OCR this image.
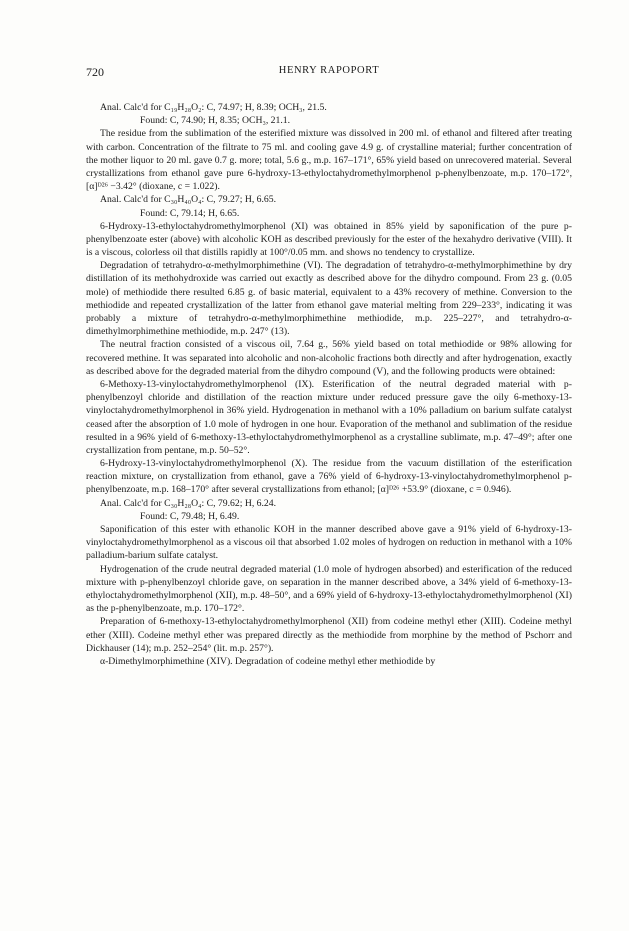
720	HENRY RAPOPORT

Anal. Calc'd for C₁₉H₂₈O₂: C, 74.97; H, 8.39; OCH₃, 21.5.

Found: C, 74.90; H, 8.35; OCH₃, 21.1.

The residue from the sublimation of the esterified mixture was dissolved in 200 ml. of ethanol and filtered after treating with carbon. Concentration of the filtrate to 75 ml. and cooling gave 4.9 g. of crystalline material; further concentration of the mother liquor to 20 ml. gave 0.7 g. more; total, 5.6 g., m.p. 167–171°, 65% yield based on unrecovered material. Several crystallizations from ethanol gave pure 6-hydroxy-13-ethyloctahydromethylmorphenol p-phenylbenzoate, m.p. 170–172°, [α]ᴰ²⁶ −3.42° (dioxane, c = 1.022).

Anal. Calc'd for C₃₀H₄₀O₄: C, 79.27; H, 6.65.

Found: C, 79.14; H, 6.65.

6-Hydroxy-13-ethyloctahydromethylmorphenol (XI) was obtained in 85% yield by saponification of the pure p-phenylbenzoate ester (above) with alcoholic KOH as described previously for the ester of the hexahydro derivative (VIII). It is a viscous, colorless oil that distills rapidly at 100°/0.05 mm. and shows no tendency to crystallize.

Degradation of tetrahydro-α-methylmorphimethine (VI). The degradation of tetrahydro-α-methylmorphimethine by dry distillation of its methohydroxide was carried out exactly as described above for the dihydro compound. From 23 g. (0.05 mole) of methiodide there resulted 6.85 g. of basic material, equivalent to a 43% recovery of methine. Conversion to the methiodide and repeated crystallization of the latter from ethanol gave material melting from 229–233°, indicating it was probably a mixture of tetrahydro-α-methylmorphimethine methiodide, m.p. 225–227°, and tetrahydro-α-dimethylmorphimethine methiodide, m.p. 247° (13).

The neutral fraction consisted of a viscous oil, 7.64 g., 56% yield based on total methiodide or 98% allowing for recovered methine. It was separated into alcoholic and non-alcoholic fractions both directly and after hydrogenation, exactly as described above for the degraded material from the dihydro compound (V), and the following products were obtained:

6-Methoxy-13-vinyloctahydromethylmorphenol (IX). Esterification of the neutral degraded material with p-phenylbenzoyl chloride and distillation of the reaction mixture under reduced pressure gave the oily 6-methoxy-13-vinyloctahydromethylmorphenol in 36% yield. Hydrogenation in methanol with a 10% palladium on barium sulfate catalyst ceased after the absorption of 1.0 mole of hydrogen in one hour. Evaporation of the methanol and sublimation of the residue resulted in a 96% yield of 6-methoxy-13-ethyloctahydromethylmorphenol as a crystalline sublimate, m.p. 47–49°; after one crystallization from pentane, m.p. 50–52°.

6-Hydroxy-13-vinyloctahydromethylmorphenol (X). The residue from the vacuum distillation of the esterification reaction mixture, on crystallization from ethanol, gave a 76% yield of 6-hydroxy-13-vinyloctahydromethylmorphenol p-phenylbenzoate, m.p. 168–170° after several crystallizations from ethanol; [α]ᴰ²⁶ +53.9° (dioxane, c = 0.946).

Anal. Calc'd for C₃₀H₂₈O₄: C, 79.62; H, 6.24.

Found: C, 79.48; H, 6.49.

Saponification of this ester with ethanolic KOH in the manner described above gave a 91% yield of 6-hydroxy-13-vinyloctahydromethylmorphenol as a viscous oil that absorbed 1.02 moles of hydrogen on reduction in methanol with a 10% palladium-barium sulfate catalyst.

Hydrogenation of the crude neutral degraded material (1.0 mole of hydrogen absorbed) and esterification of the reduced mixture with p-phenylbenzoyl chloride gave, on separation in the manner described above, a 34% yield of 6-methoxy-13-ethyloctahydromethylmorphenol (XII), m.p. 48–50°, and a 69% yield of 6-hydroxy-13-ethyloctahydromethylmorphenol (XI) as the p-phenylbenzoate, m.p. 170–172°.

Preparation of 6-methoxy-13-ethyloctahydromethylmorphenol (XII) from codeine methyl ether (XIII). Codeine methyl ether (XIII). Codeine methyl ether was prepared directly as the methiodide from morphine by the method of Pschorr and Dickhauser (14); m.p. 252–254° (lit. m.p. 257°).

α-Dimethylmorphimethine (XIV). Degradation of codeine methyl ether methiodide by
